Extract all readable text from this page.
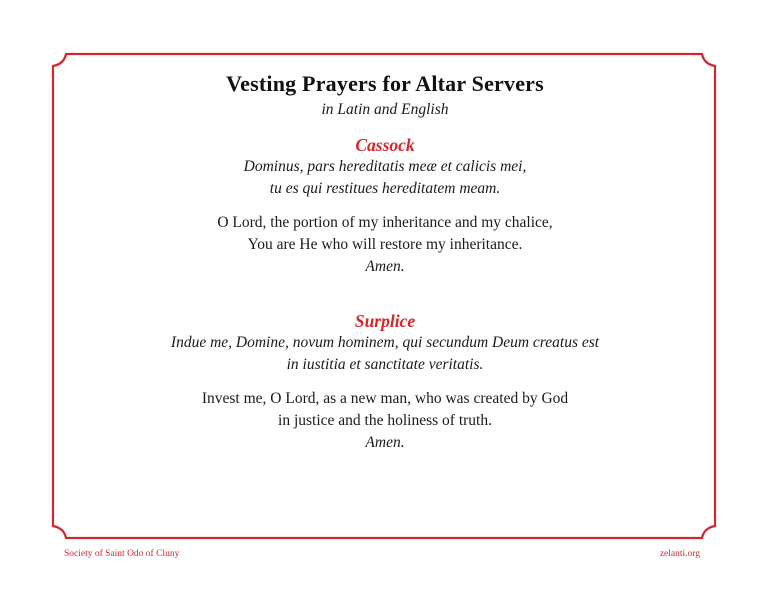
Vesting Prayers for Altar Servers

in Latin and English

Cassock

Dominus, pars hereditatis meæ et calicis mei,

tu es qui restitues hereditatem meam.

O Lord, the portion of my inheritance and my chalice,

You are He who will restore my inheritance.

Amen.

Surplice

Indue me, Domine, novum hominem, qui secundum Deum creatus est

in iustitia et sanctitate veritatis.

Invest me, O Lord, as a new man, who was created by God

in justice and the holiness of truth.

Amen.

Society of Saint Odo of Cluny	zelanti.org
